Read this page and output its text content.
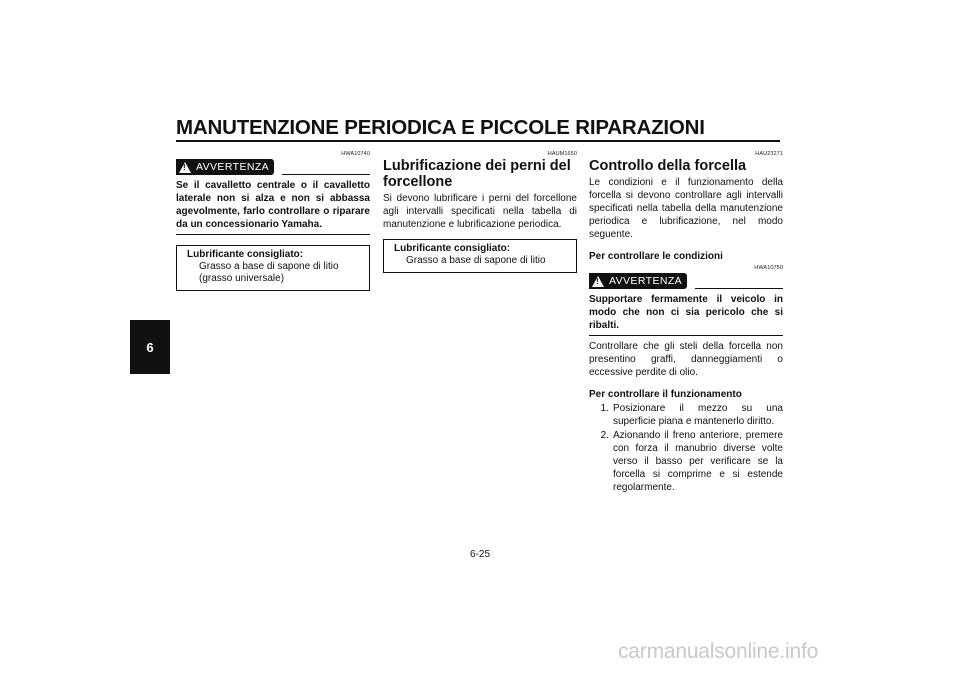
MANUTENZIONE PERIODICA E PICCOLE RIPARAZIONI
6
HWA10740
!
AVVERTENZA

Se il cavalletto centrale o il cavalletto laterale non si alza e non si abbassa agevolmente, farlo controllare o riparare da un concessionario Yamaha.

Lubrificante consigliato:
Grasso a base di sapone di litio (grasso universale)
HAUM1650
Lubrificazione dei perni del forcellone

Si devono lubrificare i perni del forcellone agli intervalli specificati nella tabella di manutenzione e lubrificazione periodica.

Lubrificante consigliato:
Grasso a base di sapone di litio
HAU23271
Controllo della forcella

Le condizioni e il funzionamento della forcella si devono controllare agli intervalli specificati nella tabella della manutenzione periodica e lubrificazione, nel modo seguente.

Per controllare le condizioni

HWA10750
!
AVVERTENZA

Supportare fermamente il veicolo in modo che non ci sia pericolo che si ribalti.

Controllare che gli steli della forcella non presentino graffi, danneggiamenti o eccessive perdite di olio.

Per controllare il funzionamento

1. Posizionare il mezzo su una superficie piana e mantenerlo diritto.
2. Azionando il freno anteriore, premere con forza il manubrio diverse volte verso il basso per verificare se la forcella si comprime e si estende regolarmente.
6-25
carmanualsonline.info
